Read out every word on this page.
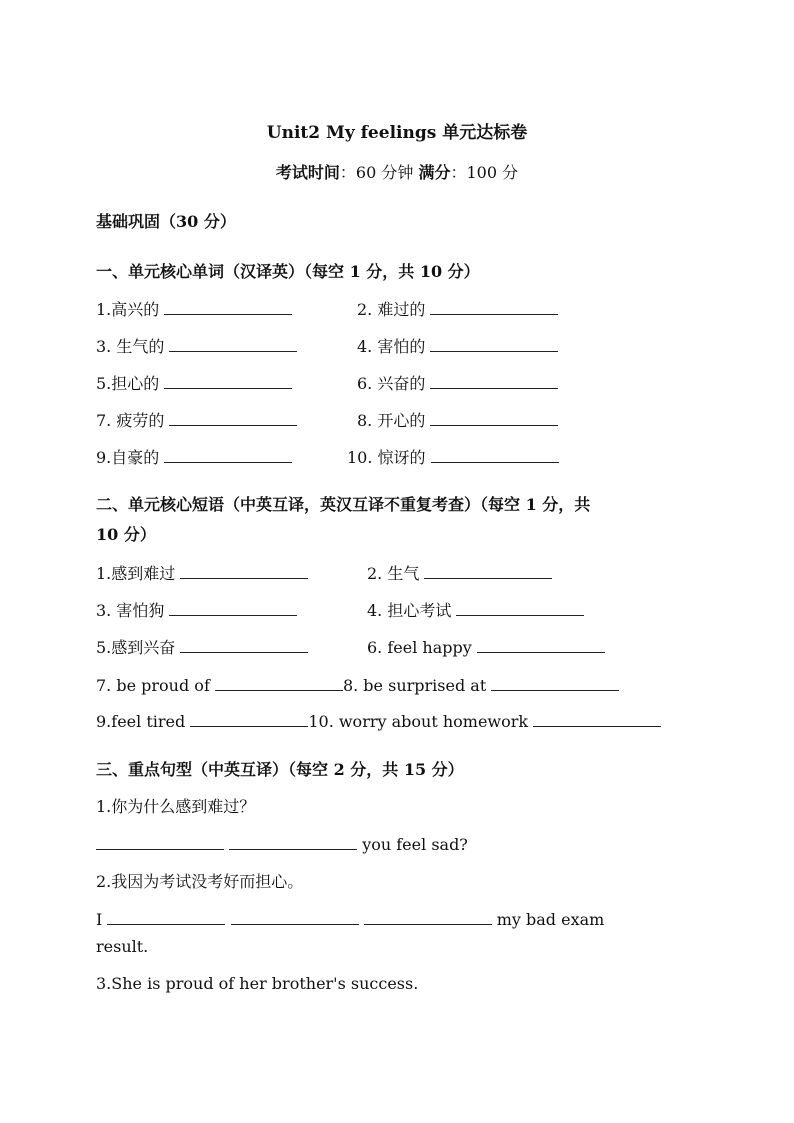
Unit2 My feelings 单元达标卷
考试时间：60 分钟 满分：100 分
基础巩固（30 分）
一、单元核心单词（汉译英）（每空 1 分，共 10 分）
1.高兴的	2. 难过的
3. 生气的	4. 害怕的
5.担心的	6. 兴奋的
7. 疲劳的	8. 开心的
9.自豪的	10. 惊讶的
二、单元核心短语（中英互译，英汉互译不重复考查）（每空 1 分，共
10 分）
1.感到难过	2. 生气
3. 害怕狗	4. 担心考试
5.感到兴奋	6. feel happy
7. be proud of	8. be surprised at
9.feel tired	10. worry about homework
三、重点句型（中英互译）（每空 2 分，共 15 分）
1.你为什么感到难过？
you feel sad?
2.我因为考试没考好而担心。
I	my bad exam
result.
3.She is proud of her brother's success.
